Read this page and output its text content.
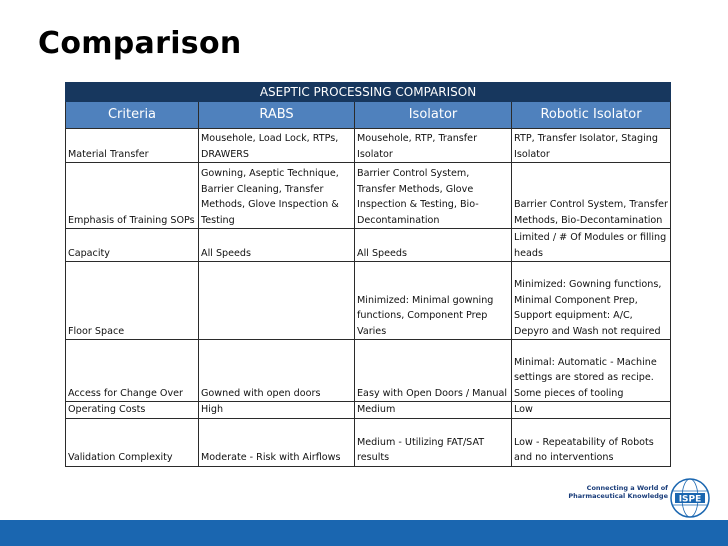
Comparison
ASEPTIC PROCESSING COMPARISON			
Criteria	RABS	Isolator	Robotic Isolator
Material Transfer	Mousehole, Load Lock, RTPs, DRAWERS	Mousehole, RTP, Transfer Isolator	RTP, Transfer Isolator, Staging Isolator
Emphasis of Training SOPs	Gowning, Aseptic Technique, Barrier Cleaning, Transfer Methods, Glove Inspection & Testing	Barrier Control System, Transfer Methods, Glove Inspection & Testing, Bio-Decontamination	Barrier Control System, Transfer Methods, Bio-Decontamination
Capacity	All Speeds	All Speeds	Limited / # Of Modules or filling heads
Floor Space		Minimized: Minimal gowning functions, Component Prep Varies	Minimized: Gowning functions, Minimal Component Prep, Support equipment: A/C, Depyro and Wash not required
Access for Change Over	Gowned with open doors	Easy with Open Doors / Manual	Minimal: Automatic - Machine settings are stored as recipe. Some pieces of tooling
Operating Costs	High	Medium	Low
Validation Complexity	Moderate - Risk with Airflows	Medium - Utilizing FAT/SAT results	Low - Repeatability of Robots and no interventions
Connecting a World of Pharmaceutical Knowledge ISPE
